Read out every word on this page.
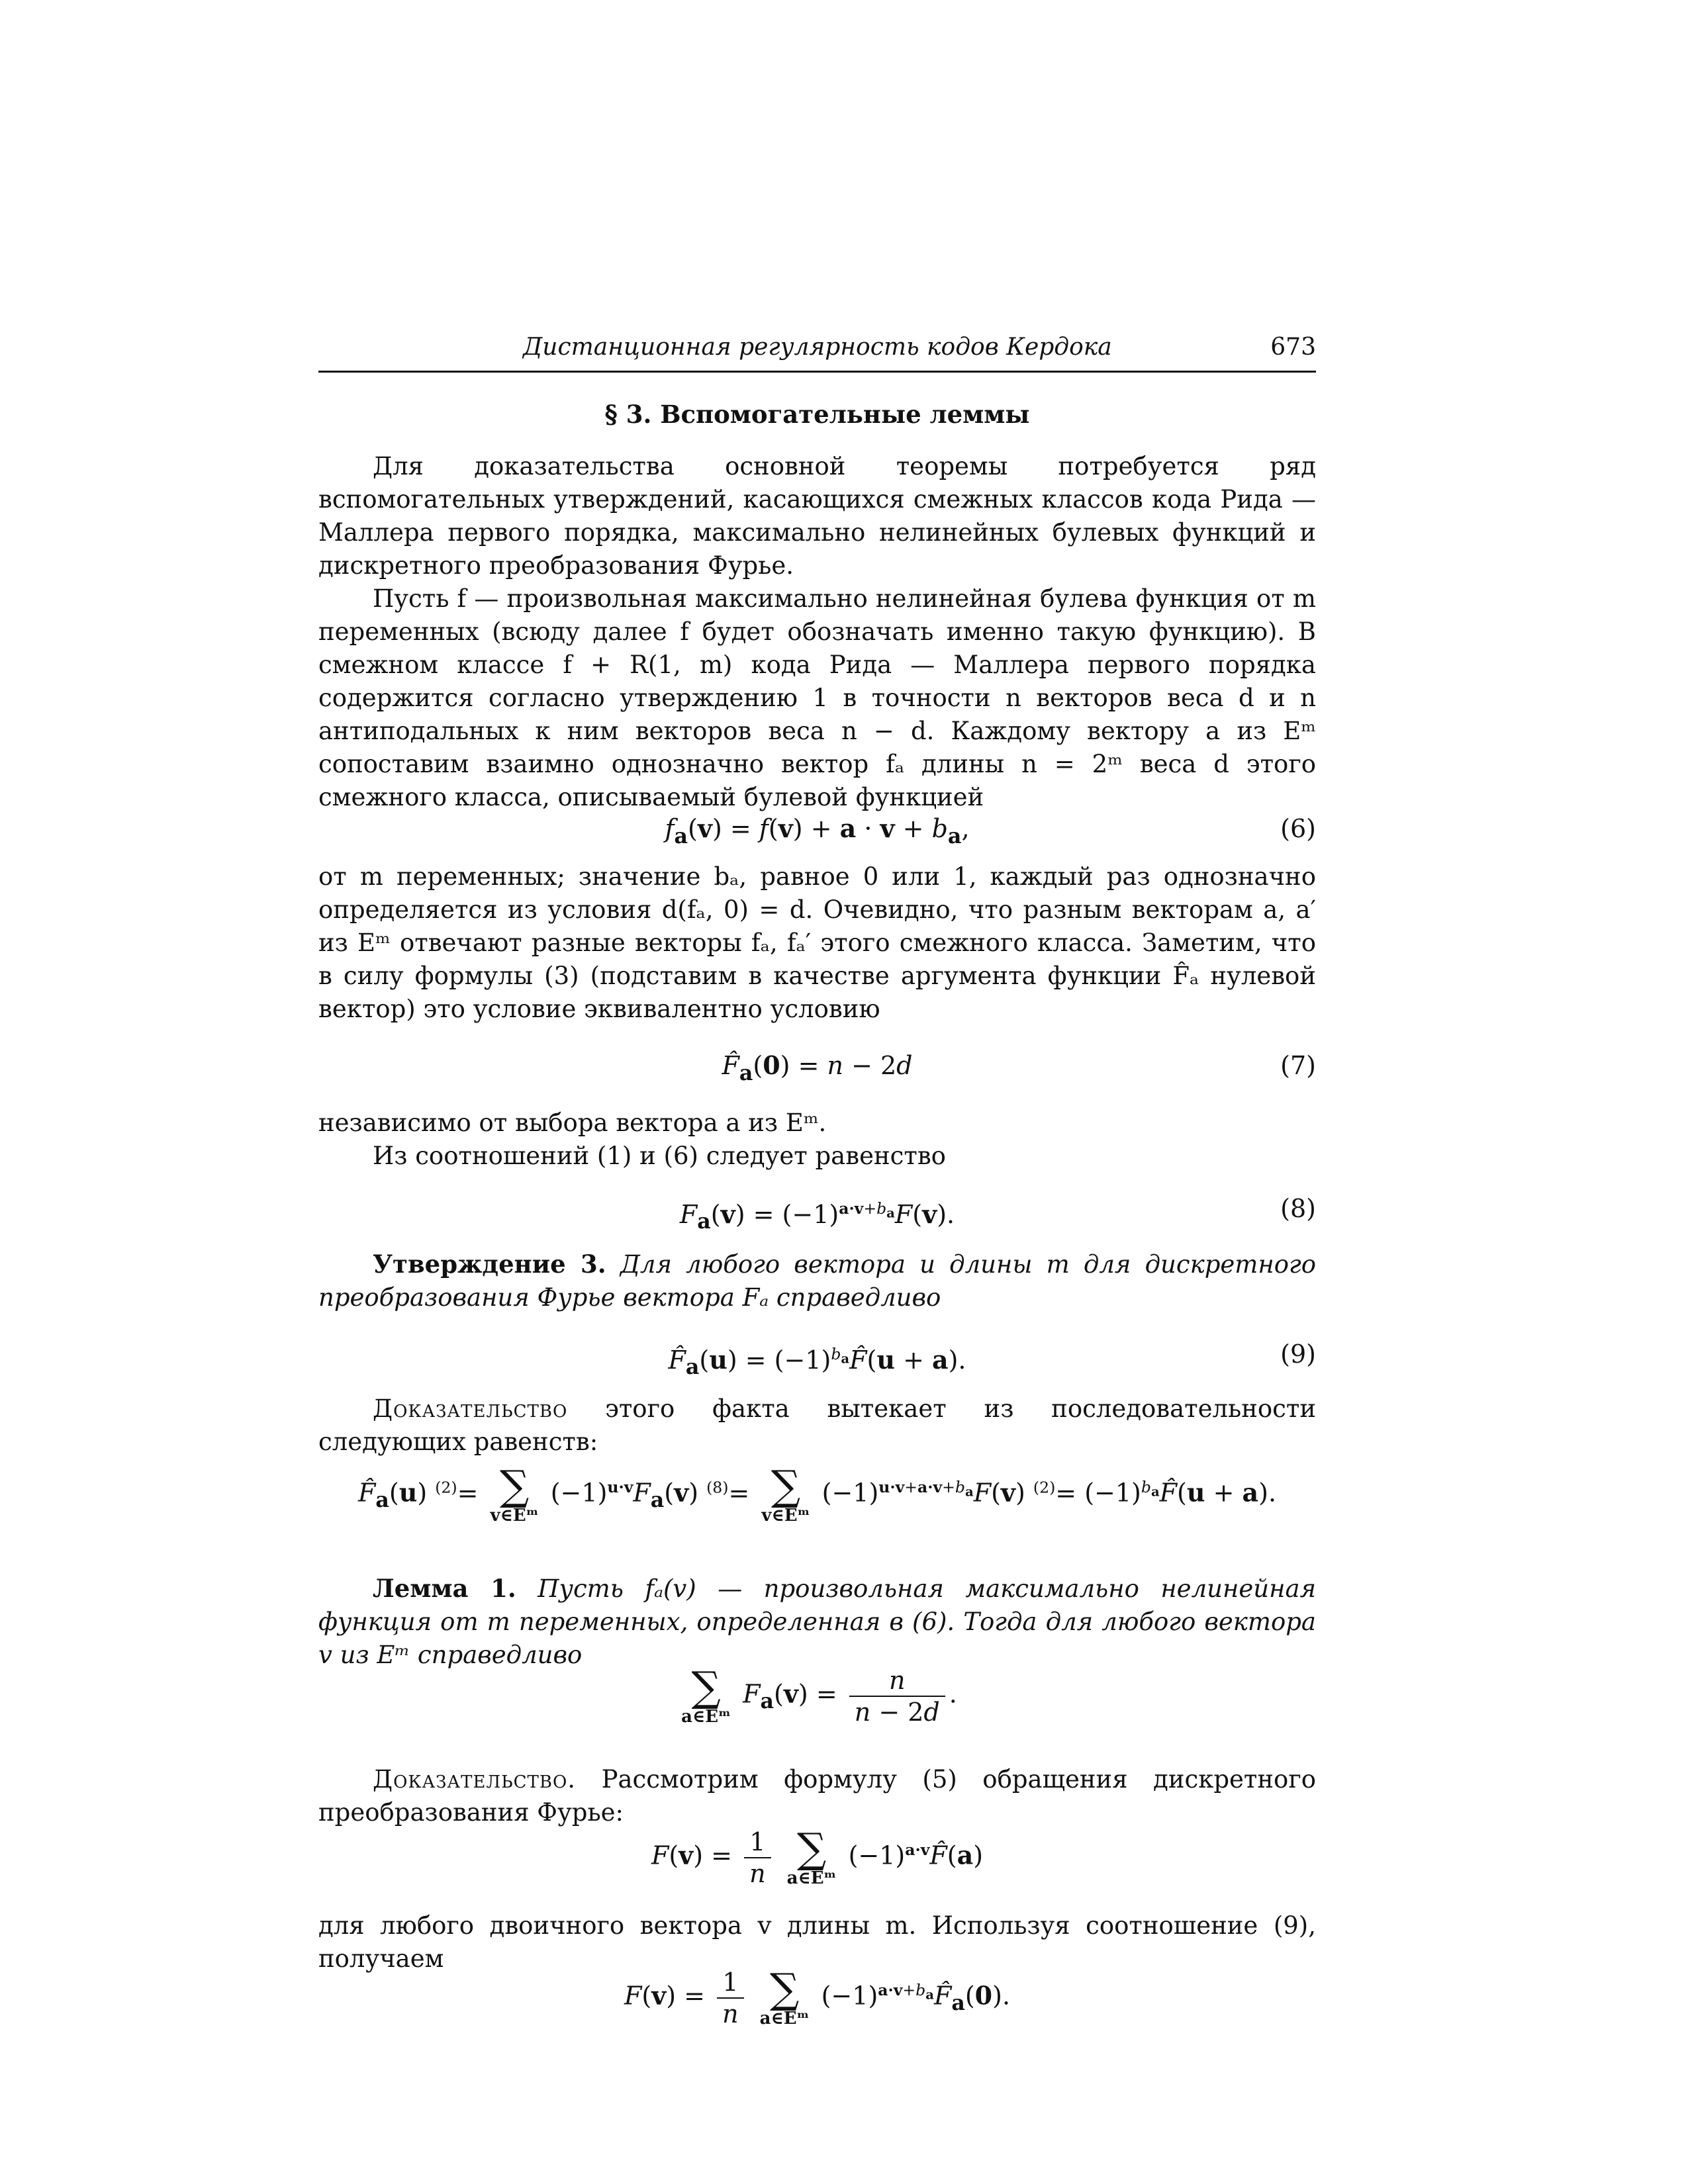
Дистанционная регулярность кодов Кердока	673
§ 3. Вспомогательные леммы

Для доказательства основной теоремы потребуется ряд вспомогательных утверждений, касающихся смежных классов кода Рида — Маллера первого порядка, максимально нелинейных булевых функций и дискретного преобразования Фурье.

Пусть f — произвольная максимально нелинейная булева функция от m переменных (всюду далее f будет обозначать именно такую функцию). В смежном классе f + R(1, m) кода Рида — Маллера первого порядка содержится согласно утверждению 1 в точности n векторов веса d и n антиподальных к ним векторов веса n − d. Каждому вектору a из Eᵐ сопоставим взаимно однозначно вектор fₐ длины n = 2ᵐ веса d этого смежного класса, описываемый булевой функцией

$f_a(v) = f(v) + a \cdot v + b_a$,	(6)

от m переменных; значение bₐ, равное 0 или 1, каждый раз однозначно определяется из условия d(fₐ, 0) = d. Очевидно, что разным векторам a, a′ из Eᵐ отвечают разные векторы fₐ, fₐ′ этого смежного класса. Заметим, что в силу формулы (3) (подставим в качестве аргумента функции F̂ₐ нулевой вектор) это условие эквивалентно условию

$F̂_a(0) = n - 2d$	(7)

независимо от выбора вектора a из Eᵐ.

Из соотношений (1) и (6) следует равенство

$F_a(v) = (-1)^{a\cdot v+b_a}F(v)$.	(8)

Утверждение 3. Для любого вектора u длины m для дискретного преобразования Фурье вектора Fₐ справедливо

$F̂_a(u)$ = $(-1)^{b_a}F̂(u + a)$.	(9)

Доказательство этого факта вытекает из последовательности следующих равенств:

$F̂_a(u)$ $^{(2)}$= ∑
v∈Eᵐ
$(-1)^{u\cdot v}F_a(v)$ $^{(8)}$= ∑
v∈Eᵐ
$(-1)^{u\cdot v+a\cdot v+b_a}F(v)$ $^{(2)}= (-1)^{b_a}F̂(u + a)$.

Лемма 1. Пусть fₐ(v) — произвольная максимально нелинейная функция от m переменных, определенная в (6). Тогда для любого вектора v из Eᵐ справедливо

∑
a∈Eᵐ
$F_a(v) = \frac{n}{n - 2d}$ .

Доказательство. Рассмотрим формулу (5) обращения дискретного преобразования Фурье:

$F(v) = \frac{1}{n}$
∑
a∈Eᵐ
$(-1)^{a\cdot v}F̂(a)$

для любого двоичного вектора v длины m. Используя соотношение (9), получаем

$F(v) = \frac{1}{n}$
∑
a∈Eᵐ
$(-1)^{a\cdot v+b_a}F̂_a(0)$.
